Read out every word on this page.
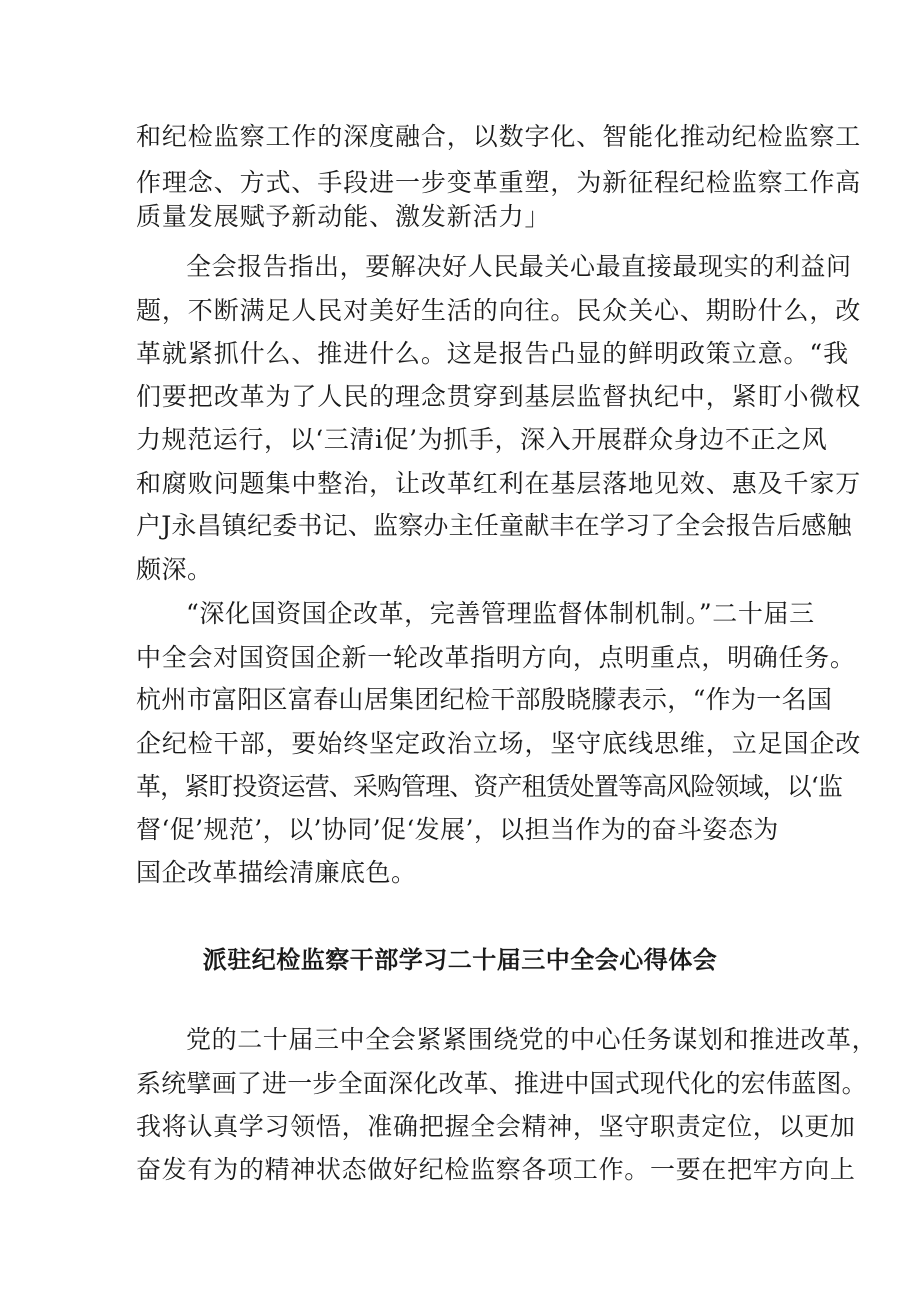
和纪检监察工作的深度融合，以数字化、智能化推动纪检监察工
作理念、方式、手段进一步变革重塑，为新征程纪检监察工作高
质量发展赋予新动能、激发新活力」
全会报告指出，要解决好人民最关心最直接最现实的利益问
题，不断满足人民对美好生活的向往。民众关心、期盼什么，改
革就紧抓什么、推进什么。这是报告凸显的鲜明政策立意。“我
们要把改革为了人民的理念贯穿到基层监督执纪中，紧盯小微权
力规范运行，以‘三清i促’为抓手，深入开展群众身边不正之风
和腐败问题集中整治，让改革红利在基层落地见效、惠及千家万
户J永昌镇纪委书记、监察办主任童献丰在学习了全会报告后感触
颇深。
“深化国资国企改革，完善管理监督体制机制。”二十届三
中全会对国资国企新一轮改革指明方向，点明重点，明确任务。
杭州市富阳区富春山居集团纪检干部殷晓朦表示，“作为一名国
企纪检干部，要始终坚定政治立场，坚守底线思维，立足国企改
革，紧盯投资运营、采购管理、资产租赁处置等高风险领域，以‘监
督‘促’规范’，以’协同’促‘发展’，以担当作为的奋斗姿态为
国企改革描绘清廉底色。
派驻纪检监察干部学习二十届三中全会心得体会
党的二十届三中全会紧紧围绕党的中心任务谋划和推进改革，
系统擘画了进一步全面深化改革、推进中国式现代化的宏伟蓝图。
我将认真学习领悟，准确把握全会精神，坚守职责定位，以更加
奋发有为的精神状态做好纪检监察各项工作。一要在把牢方向上
